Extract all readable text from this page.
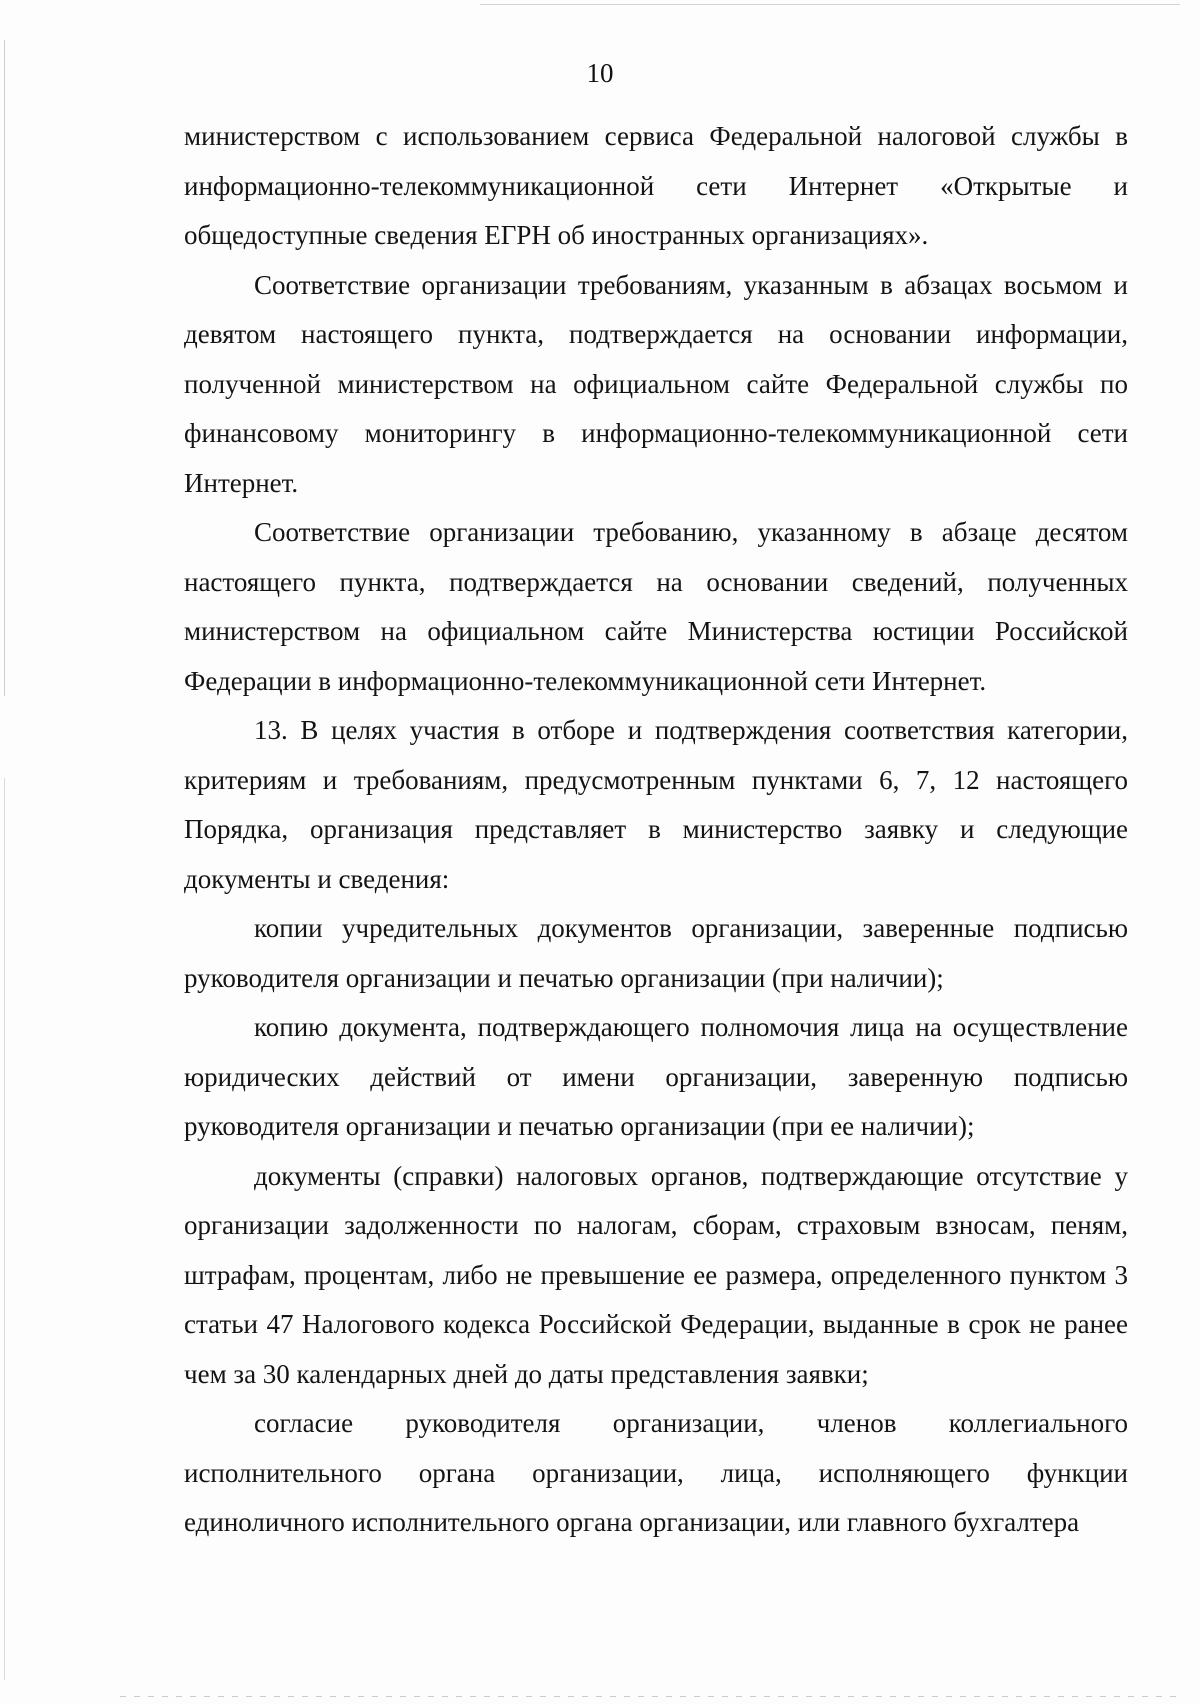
10

министерством с использованием сервиса Федеральной налоговой службы в информационно-телекоммуникационной сети Интернет «Открытые и общедоступные сведения ЕГРН об иностранных организациях».

Соответствие организации требованиям, указанным в абзацах восьмом и девятом настоящего пункта, подтверждается на основании информации, полученной министерством на официальном сайте Федеральной службы по финансовому мониторингу в информационно-телекоммуникационной сети Интернет.

Соответствие организации требованию, указанному в абзаце десятом настоящего пункта, подтверждается на основании сведений, полученных министерством на официальном сайте Министерства юстиции Российской Федерации в информационно-телекоммуникационной сети Интернет.

13. В целях участия в отборе и подтверждения соответствия категории, критериям и требованиям, предусмотренным пунктами 6, 7, 12 настоящего Порядка, организация представляет в министерство заявку и следующие документы и сведения:

копии учредительных документов организации, заверенные подписью руководителя организации и печатью организации (при наличии);

копию документа, подтверждающего полномочия лица на осуществление юридических действий от имени организации, заверенную подписью руководителя организации и печатью организации (при ее наличии);

документы (справки) налоговых органов, подтверждающие отсутствие у организации задолженности по налогам, сборам, страховым взносам, пеням, штрафам, процентам, либо не превышение ее размера, определенного пунктом 3 статьи 47 Налогового кодекса Российской Федерации, выданные в срок не ранее чем за 30 календарных дней до даты представления заявки;

согласие руководителя организации, членов коллегиального исполнительного органа организации, лица, исполняющего функции единоличного исполнительного органа организации, или главного бухгалтера
